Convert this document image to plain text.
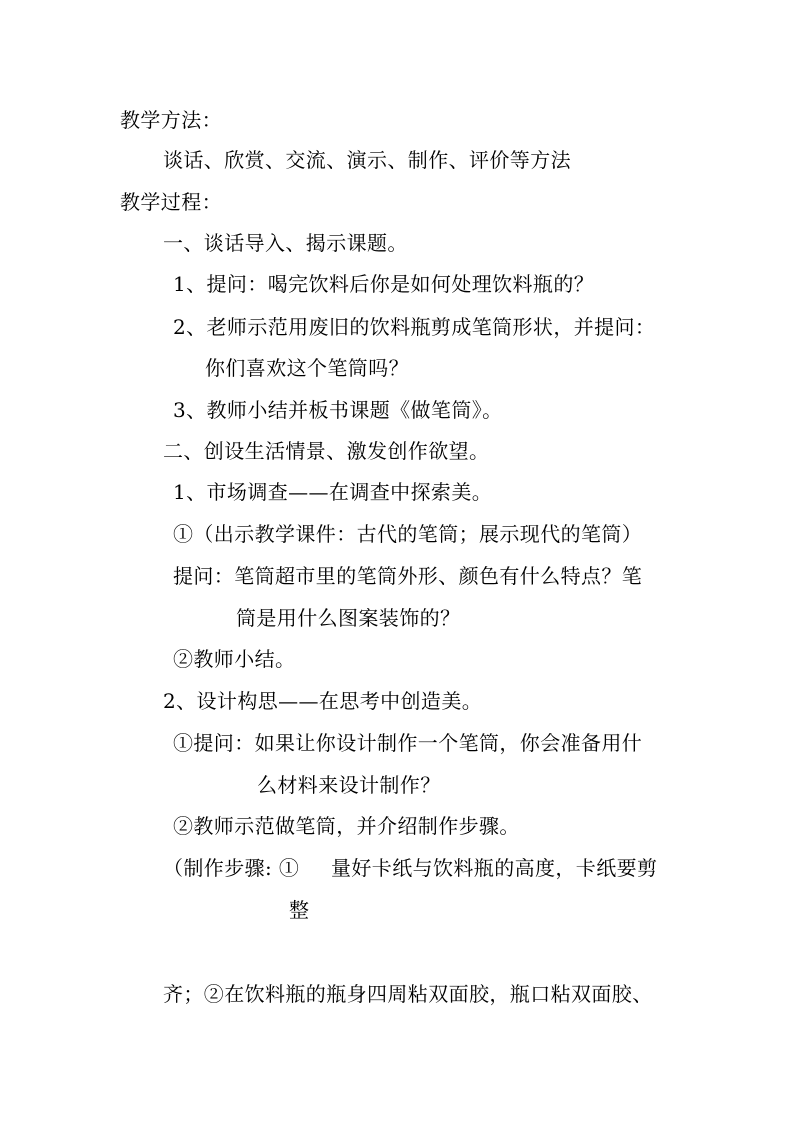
教学方法：
谈话、欣赏、交流、演示、制作、评价等方法
教学过程：
一、谈话导入、揭示课题。
1、提问：喝完饮料后你是如何处理饮料瓶的？
2、老师示范用废旧的饮料瓶剪成笔筒形状，并提问：
你们喜欢这个笔筒吗？
3、教师小结并板书课题《做笔筒》。
二、创设生活情景、激发创作欲望。
1、市场调查——在调查中探索美。
①（出示教学课件：古代的笔筒；展示现代的笔筒）
提问：笔筒超市里的笔筒外形、颜色有什么特点？笔
筒是用什么图案装饰的？
②教师小结。
2、设计构思——在思考中创造美。
①提问：如果让你设计制作一个笔筒，你会准备用什
么材料来设计制作？
②教师示范做笔筒，并介绍制作步骤。
（制作步骤: ① 量好卡纸与饮料瓶的高度，卡纸要剪
整
齐；②在饮料瓶的瓶身四周粘双面胶，瓶口粘双面胶、
